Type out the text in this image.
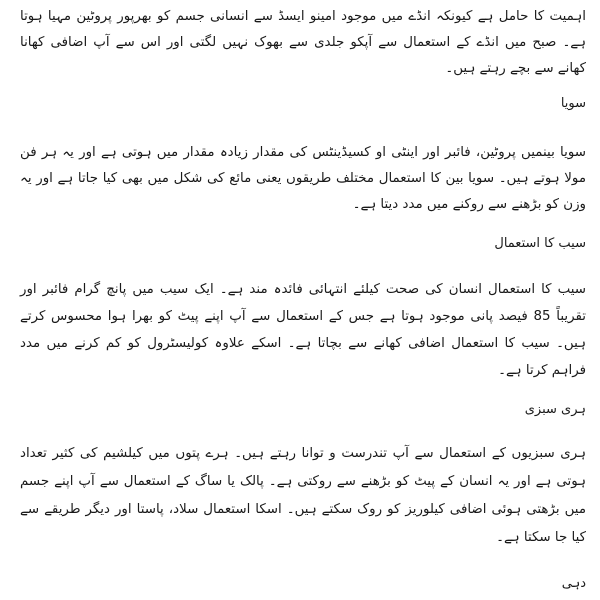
اہمیت کا حامل ہے کیونکہ انڈے میں موجود امینو ایسڈ سے انسانی جسم کو بھرپور پروٹین مہیا ہوتا ہے۔ صبح میں انڈے کے استعمال سے آپکو جلدی سے بھوک نہیں لگتی اور اس سے آپ اضافی کھانا کھانے سے بچے رہتے ہیں۔

سویا

سویا بینمیں پروٹین، فائبر اور اینٹی او کسیڈینٹس کی مقدار زیادہ مقدار میں ہوتی ہے اور یہ ہر فن مولا ہوتے ہیں۔ سویا بین کا استعمال مختلف طریقوں یعنی مائع کی شکل میں بھی کیا جاتا ہے اور یہ وزن کو بڑھنے سے روکنے میں مدد دیتا ہے۔

سیب کا استعمال

سیب کا استعمال انسان کی صحت کیلئے انتہائی فائدہ مند ہے۔ ایک سیب میں پانچ گرام فائبر اور تقریباً 85 فیصد پانی موجود ہوتا ہے جس کے استعمال سے آپ اپنے پیٹ کو بھرا ہوا محسوس کرتے ہیں۔ سیب کا استعمال اضافی کھانے سے بچاتا ہے۔ اسکے علاوہ کولیسٹرول کو کم کرنے میں مدد فراہم کرتا ہے۔

ہری سبزی

ہری سبزیوں کے استعمال سے آپ تندرست و توانا رہتے ہیں۔ ہرے پتوں میں کیلشیم کی کثیر تعداد ہوتی ہے اور یہ انسان کے پیٹ کو بڑھنے سے روکتی ہے۔ پالک یا ساگ کے استعمال سے آپ اپنے جسم میں بڑھتی ہوئی اضافی کیلوریز کو روک سکتے ہیں۔ اسکا استعمال سلاد، پاستا اور دیگر طریقے سے کیا جا سکتا ہے۔

دہی
